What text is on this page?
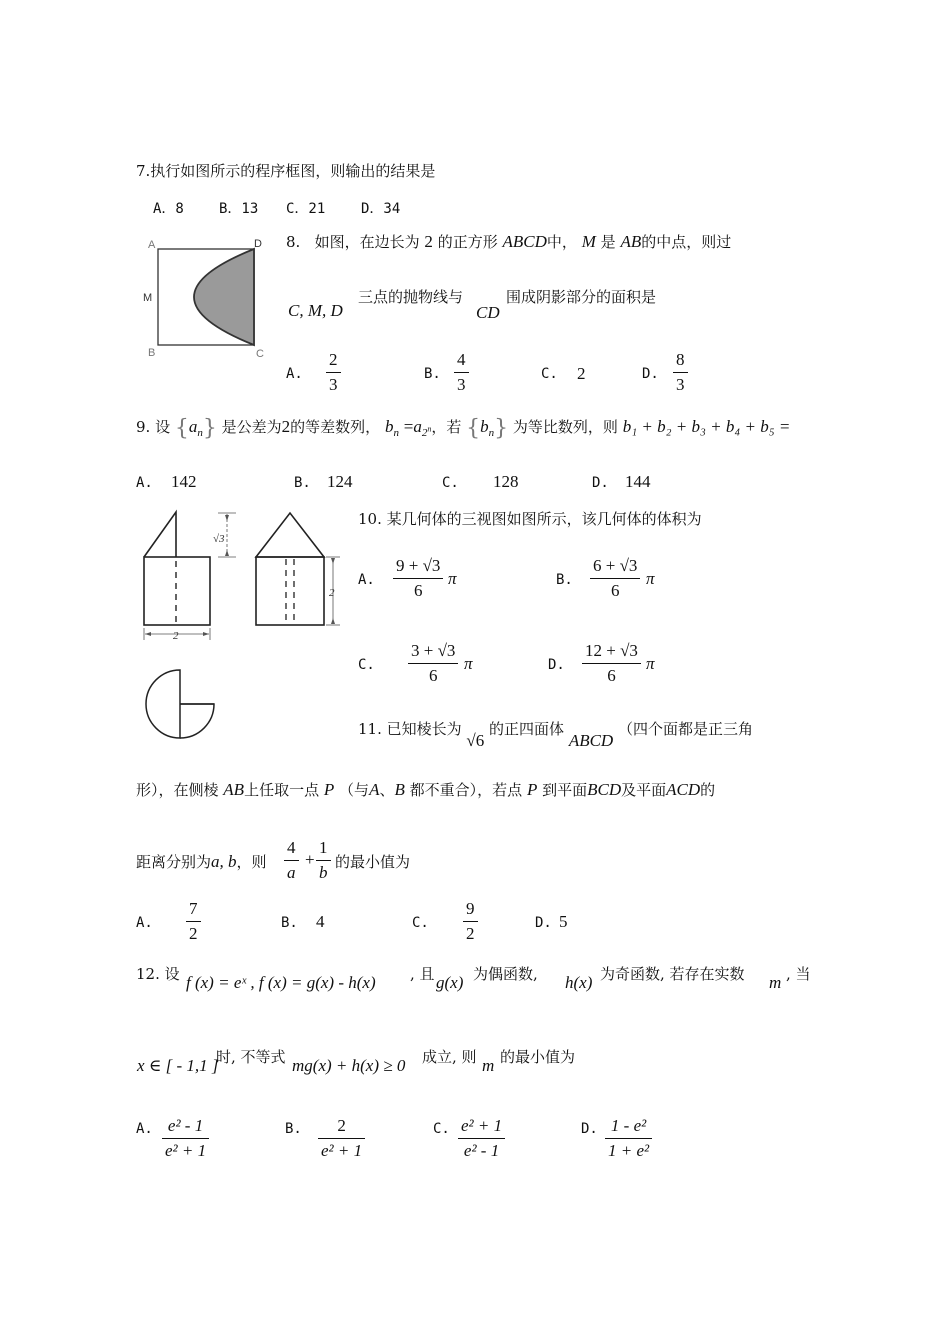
7.执行如图所示的程序框图，则输出的结果是
A．8	B．13 C．21	D．34
A	D
M
B	C
8. 如图，在边长为 2 的正方形 ABCD中， M 是 AB的中点，则过
C, M, D
三点的抛物线与
CD
围成阴影部分的面积是
A.
2
3
B.
4
3
C. 2	D.
8
3
9. 设 $\{a_n\}$ 是公差为2的等差数列， $b_n =a_{2^n}$，若 $\{b_n\}$ 为等比数列，则 b₁ + b₂ + b₃ + b₄ + b₅ =
A. 142	B. 124	C. 128	D. 144
2
√3
2
10. 某几何体的三视图如图所示，该几何体的体积为
A.
9 + √3
6
π	B.
6 + √3
6
π
C.
3 + √3
6
π	D.
12 + √3
6
π
11. 已知棱长为 √6 的正四面体 ABCD （四个面都是正三角
形），在侧棱 AB上任取一点 P （与A、B 都不重合），若点 P 到平面BCD及平面ACD的
距离分别为a, b，则
4
a
+
1
b
的最小值为
A.
7
2
B. 4	C.
9
2
D. 5
12. 设 f (x) = eˣ , f (x) = g(x) - h(x) , 且 g(x) 为偶函数, h(x) 为奇函数, 若存在实数 m , 当
x ∈ [ - 1,1 ]
时, 不等式 mg(x) + h(x) ≥ 0 成立, 则 m 的最小值为
A. e² - 1
e² + 1
B.	2
e² + 1
C. e² + 1
e² - 1
D. 1 - e²
1 + e²
